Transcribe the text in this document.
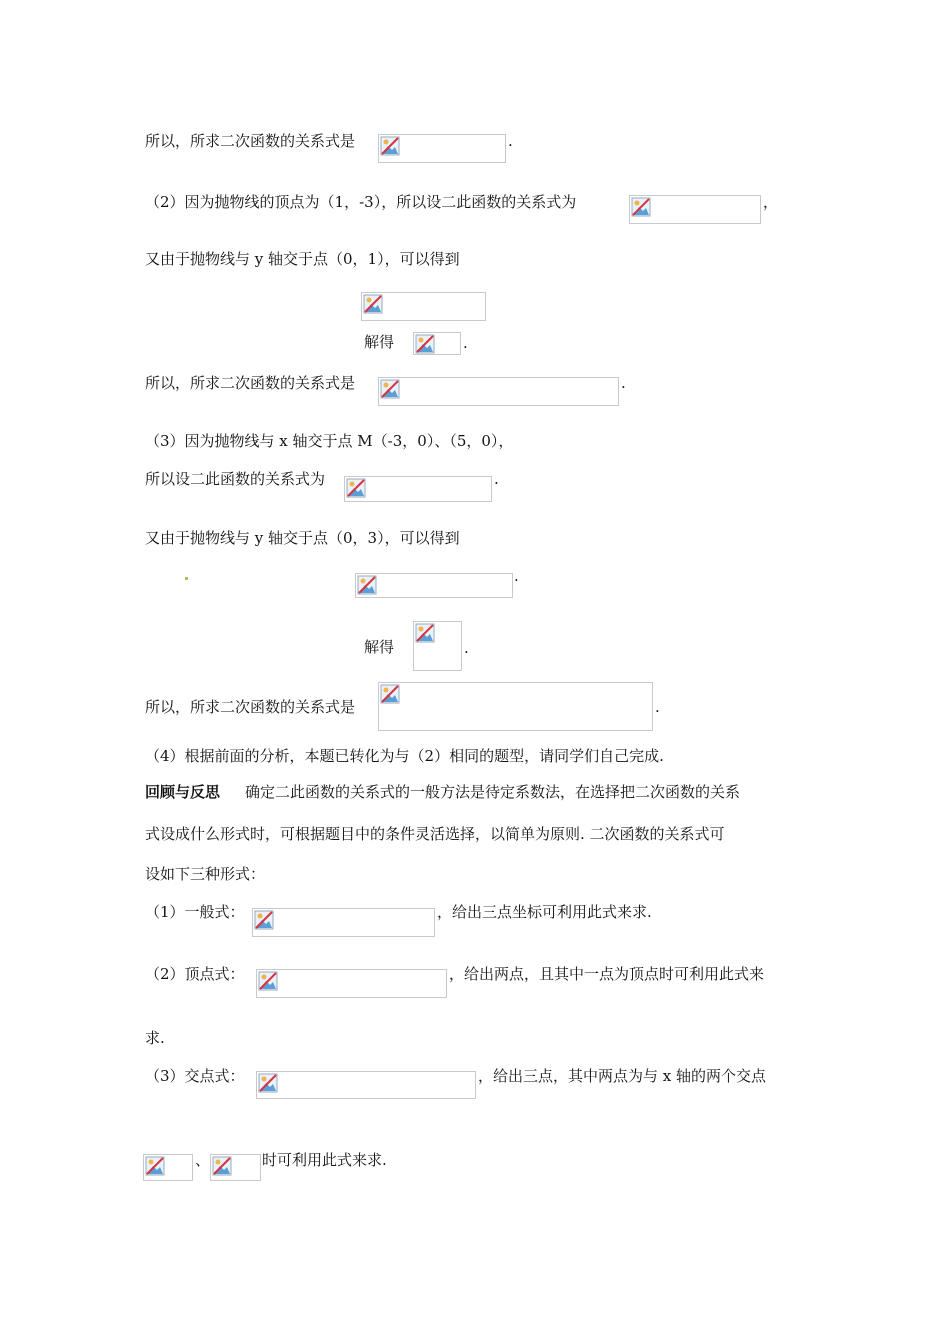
所以，所求二次函数的关系式是	.
（2）因为抛物线的顶点为（1，-3），所以设二此函数的关系式为	，
又由于抛物线与 y 轴交于点（0，1），可以得到
解得	.
所以，所求二次函数的关系式是	.
（3）因为抛物线与 x 轴交于点 M（-3，0）、（5，0），
所以设二此函数的关系式为	.
又由于抛物线与 y 轴交于点（0，3），可以得到
.
解得	.
所以，所求二次函数的关系式是	.
（4）根据前面的分析，本题已转化为与（2）相同的题型，请同学们自己完成.
回顾与反思 确定二此函数的关系式的一般方法是待定系数法，在选择把二次函数的关系
式设成什么形式时，可根据题目中的条件灵活选择，以简单为原则. 二次函数的关系式可
设如下三种形式：
（1）一般式：	，给出三点坐标可利用此式来求.
（2）顶点式：	，给出两点，且其中一点为顶点时可利用此式来
求.
（3）交点式：	，给出三点，其中两点为与 x 轴的两个交点
、	时可利用此式来求.
